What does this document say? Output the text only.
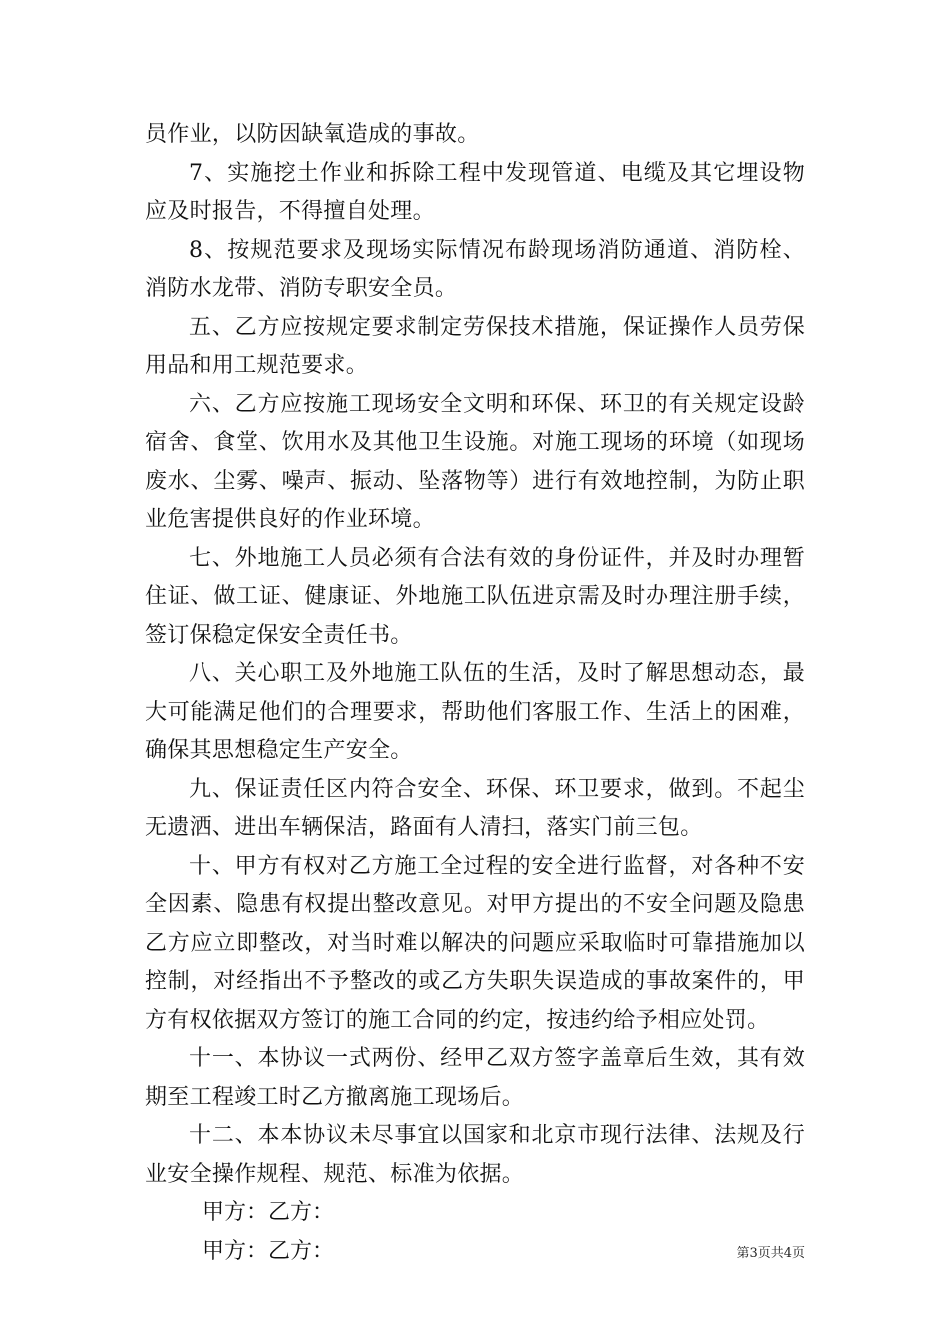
员作业，以防因缺氧造成的事故。

7、实施挖土作业和拆除工程中发现管道、电缆及其它埋设物应及时报告，不得擅自处理。

8、按规范要求及现场实际情况布龄现场消防通道、消防栓、消防水龙带、消防专职安全员。

五、乙方应按规定要求制定劳保技术措施，保证操作人员劳保用品和用工规范要求。

六、乙方应按施工现场安全文明和环保、环卫的有关规定设龄宿舍、食堂、饮用水及其他卫生设施。对施工现场的环境（如现场废水、尘雾、噪声、振动、坠落物等）进行有效地控制，为防止职业危害提供良好的作业环境。

七、外地施工人员必须有合法有效的身份证件，并及时办理暂住证、做工证、健康证、外地施工队伍进京需及时办理注册手续，签订保稳定保安全责任书。

八、关心职工及外地施工队伍的生活，及时了解思想动态，最大可能满足他们的合理要求，帮助他们客服工作、生活上的困难，确保其思想稳定生产安全。

九、保证责任区内符合安全、环保、环卫要求，做到。不起尘无遗洒、进出车辆保洁，路面有人清扫，落实门前三包。

十、甲方有权对乙方施工全过程的安全进行监督，对各种不安全因素、隐患有权提出整改意见。对甲方提出的不安全问题及隐患乙方应立即整改，对当时难以解决的问题应采取临时可靠措施加以控制，对经指出不予整改的或乙方失职失误造成的事故案件的，甲方有权依据双方签订的施工合同的约定，按违约给予相应处罚。

十一、本协议一式两份、经甲乙双方签字盖章后生效，其有效期至工程竣工时乙方撤离施工现场后。

十二、本本协议未尽事宜以国家和北京市现行法律、法规及行业安全操作规程、规范、标准为依据。

甲方：乙方：

甲方：乙方：	第3页共4页
